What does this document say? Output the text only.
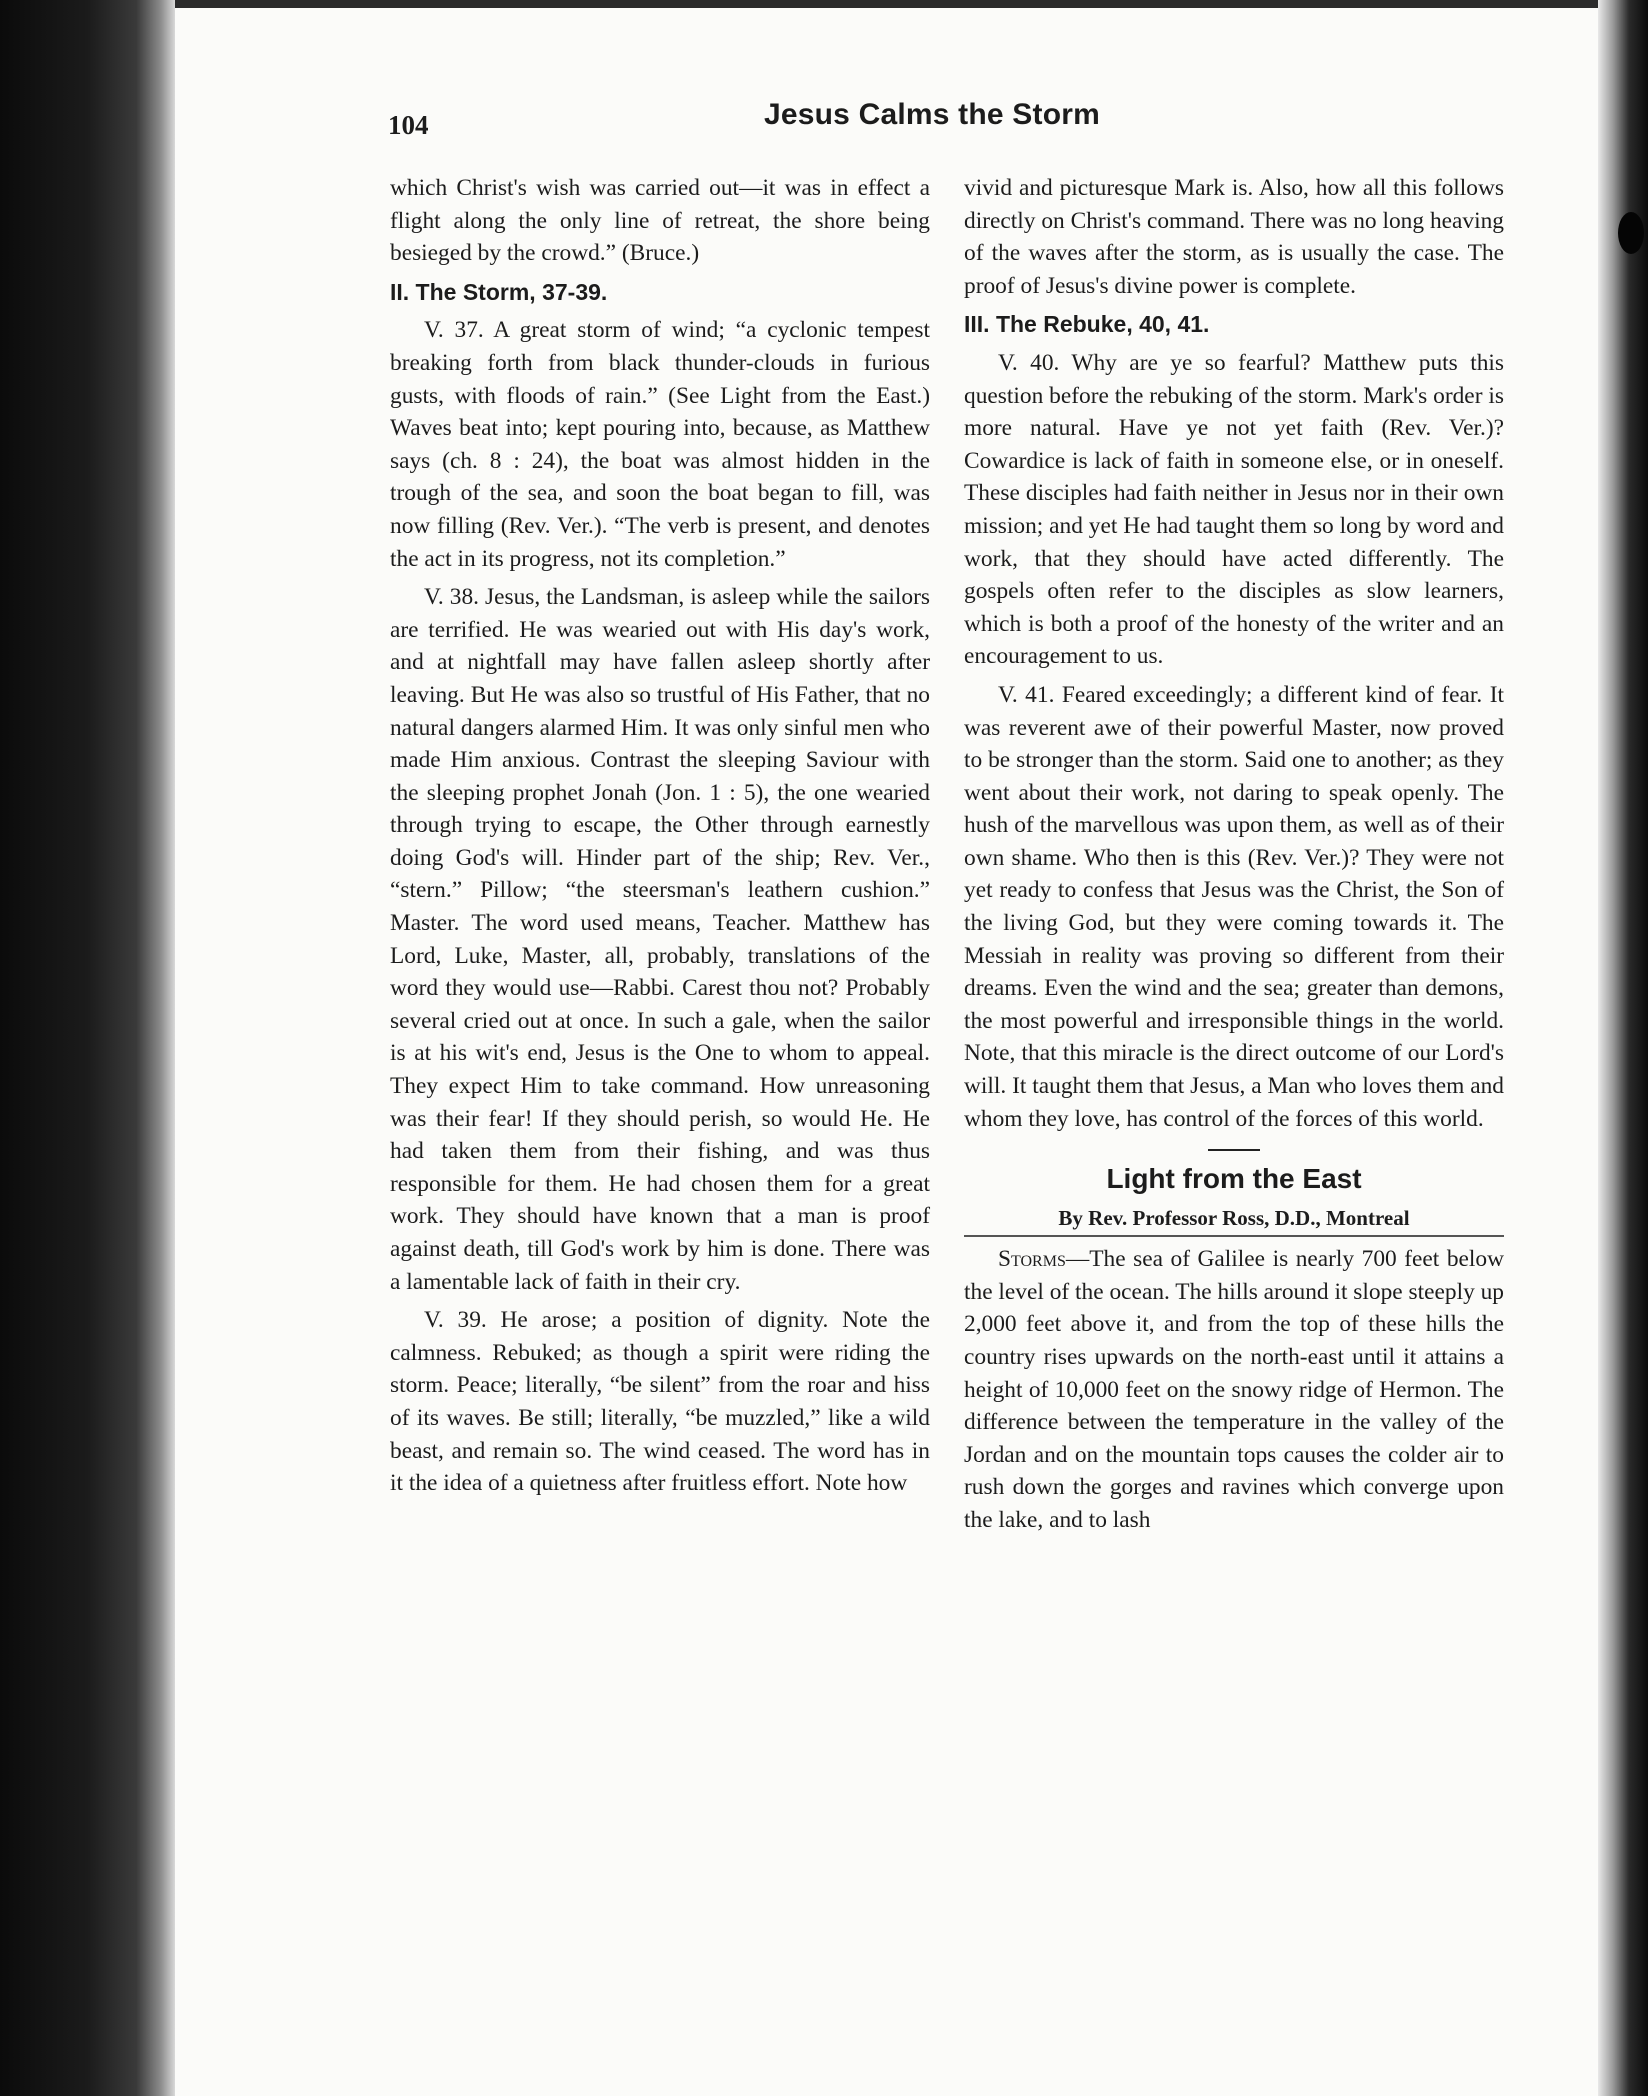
104	Jesus Calms the Storm

which Christ's wish was carried out—it was in effect a flight along the only line of retreat, the shore being besieged by the crowd.” (Bruce.)

II. The Storm, 37-39.

V. 37. A great storm of wind; “a cyclonic tempest breaking forth from black thunder-clouds in furious gusts, with floods of rain.” (See Light from the East.) Waves beat into; kept pouring into, because, as Matthew says (ch. 8 : 24), the boat was almost hidden in the trough of the sea, and soon the boat began to fill, was now filling (Rev. Ver.). “The verb is present, and denotes the act in its progress, not its completion.”

V. 38. Jesus, the Landsman, is asleep while the sailors are terrified. He was wearied out with His day's work, and at nightfall may have fallen asleep shortly after leaving. But He was also so trustful of His Father, that no natural dangers alarmed Him. It was only sinful men who made Him anxious. Contrast the sleeping Saviour with the sleeping prophet Jonah (Jon. 1 : 5), the one wearied through trying to escape, the Other through earnestly doing God's will. Hinder part of the ship; Rev. Ver., “stern.” Pillow; “the steersman's leathern cushion.” Master. The word used means, Teacher. Matthew has Lord, Luke, Master, all, probably, translations of the word they would use—Rabbi. Carest thou not? Probably several cried out at once. In such a gale, when the sailor is at his wit's end, Jesus is the One to whom to appeal. They expect Him to take command. How unreasoning was their fear! If they should perish, so would He. He had taken them from their fishing, and was thus responsible for them. He had chosen them for a great work. They should have known that a man is proof against death, till God's work by him is done. There was a lamentable lack of faith in their cry.

V. 39. He arose; a position of dignity. Note the calmness. Rebuked; as though a spirit were riding the storm. Peace; literally, “be silent” from the roar and hiss of its waves. Be still; literally, “be muzzled,” like a wild beast, and remain so. The wind ceased. The word has in it the idea of a quietness after fruitless effort. Note how

vivid and picturesque Mark is. Also, how all this follows directly on Christ's command. There was no long heaving of the waves after the storm, as is usually the case. The proof of Jesus's divine power is complete.

III. The Rebuke, 40, 41.

V. 40. Why are ye so fearful? Matthew puts this question before the rebuking of the storm. Mark's order is more natural. Have ye not yet faith (Rev. Ver.)? Cowardice is lack of faith in someone else, or in oneself. These disciples had faith neither in Jesus nor in their own mission; and yet He had taught them so long by word and work, that they should have acted differently. The gospels often refer to the disciples as slow learners, which is both a proof of the honesty of the writer and an encouragement to us.

V. 41. Feared exceedingly; a different kind of fear. It was reverent awe of their powerful Master, now proved to be stronger than the storm. Said one to another; as they went about their work, not daring to speak openly. The hush of the marvellous was upon them, as well as of their own shame. Who then is this (Rev. Ver.)? They were not yet ready to confess that Jesus was the Christ, the Son of the living God, but they were coming towards it. The Messiah in reality was proving so different from their dreams. Even the wind and the sea; greater than demons, the most powerful and irresponsible things in the world. Note, that this miracle is the direct outcome of our Lord's will. It taught them that Jesus, a Man who loves them and whom they love, has control of the forces of this world.

Light from the East
By Rev. Professor Ross, D.D., Montreal

Storms—The sea of Galilee is nearly 700 feet below the level of the ocean. The hills around it slope steeply up 2,000 feet above it, and from the top of these hills the country rises upwards on the north-east until it attains a height of 10,000 feet on the snowy ridge of Hermon. The difference between the temperature in the valley of the Jordan and on the mountain tops causes the colder air to rush down the gorges and ravines which converge upon the lake, and to lash
